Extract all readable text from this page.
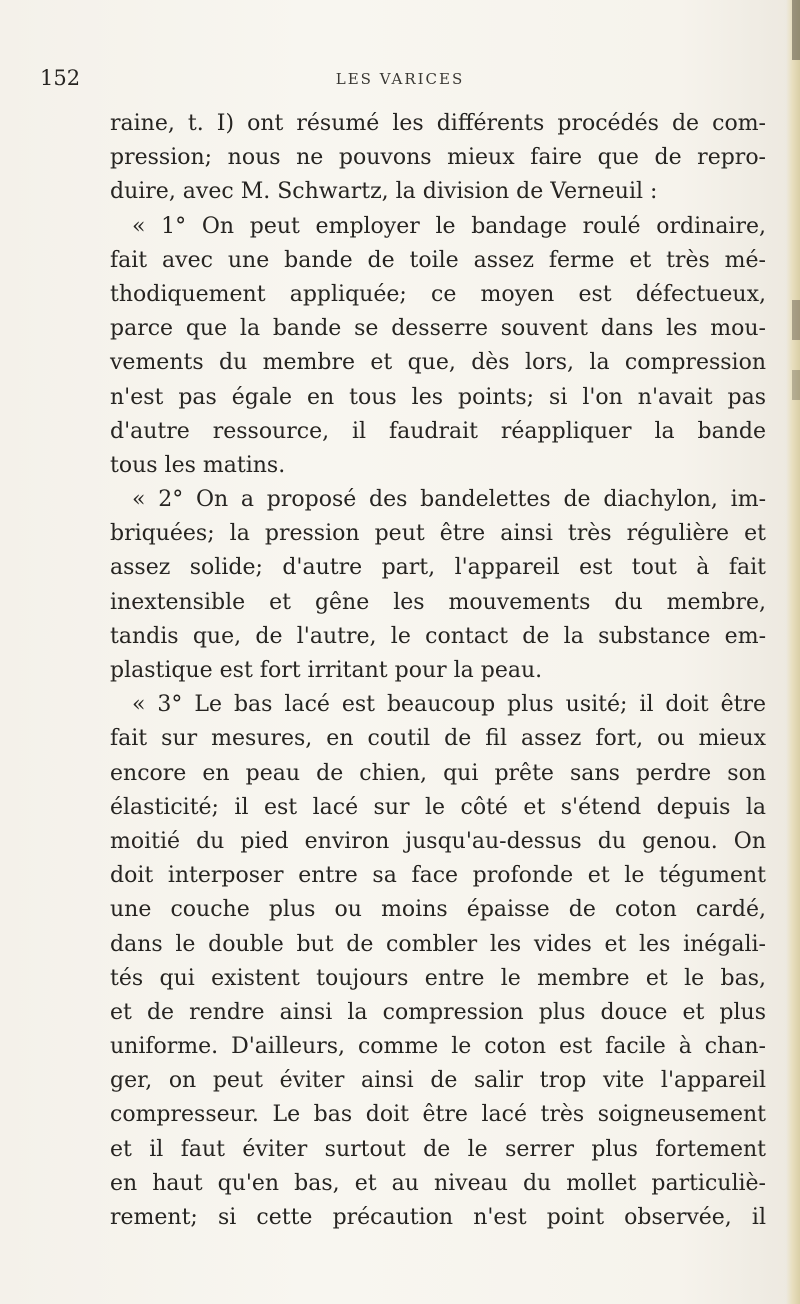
152	LES VARICES
raine, t. I) ont résumé les différents procédés de com-
pression; nous ne pouvons mieux faire que de repro-
duire, avec M. Schwartz, la division de Verneuil :
« 1° On peut employer le bandage roulé ordinaire,
fait avec une bande de toile assez ferme et très mé-
thodiquement appliquée; ce moyen est défectueux,
parce que la bande se desserre souvent dans les mou-
vements du membre et que, dès lors, la compression
n'est pas égale en tous les points; si l'on n'avait pas
d'autre ressource, il faudrait réappliquer la bande
tous les matins.
« 2° On a proposé des bandelettes de diachylon, im-
briquées; la pression peut être ainsi très régulière et
assez solide; d'autre part, l'appareil est tout à fait
inextensible et gêne les mouvements du membre,
tandis que, de l'autre, le contact de la substance em-
plastique est fort irritant pour la peau.
« 3° Le bas lacé est beaucoup plus usité; il doit être
fait sur mesures, en coutil de fil assez fort, ou mieux
encore en peau de chien, qui prête sans perdre son
élasticité; il est lacé sur le côté et s'étend depuis la
moitié du pied environ jusqu'au-dessus du genou. On
doit interposer entre sa face profonde et le tégument
une couche plus ou moins épaisse de coton cardé,
dans le double but de combler les vides et les inégali-
tés qui existent toujours entre le membre et le bas,
et de rendre ainsi la compression plus douce et plus
uniforme. D'ailleurs, comme le coton est facile à chan-
ger, on peut éviter ainsi de salir trop vite l'appareil
compresseur. Le bas doit être lacé très soigneusement
et il faut éviter surtout de le serrer plus fortement
en haut qu'en bas, et au niveau du mollet particuliè-
rement; si cette précaution n'est point observée, il
